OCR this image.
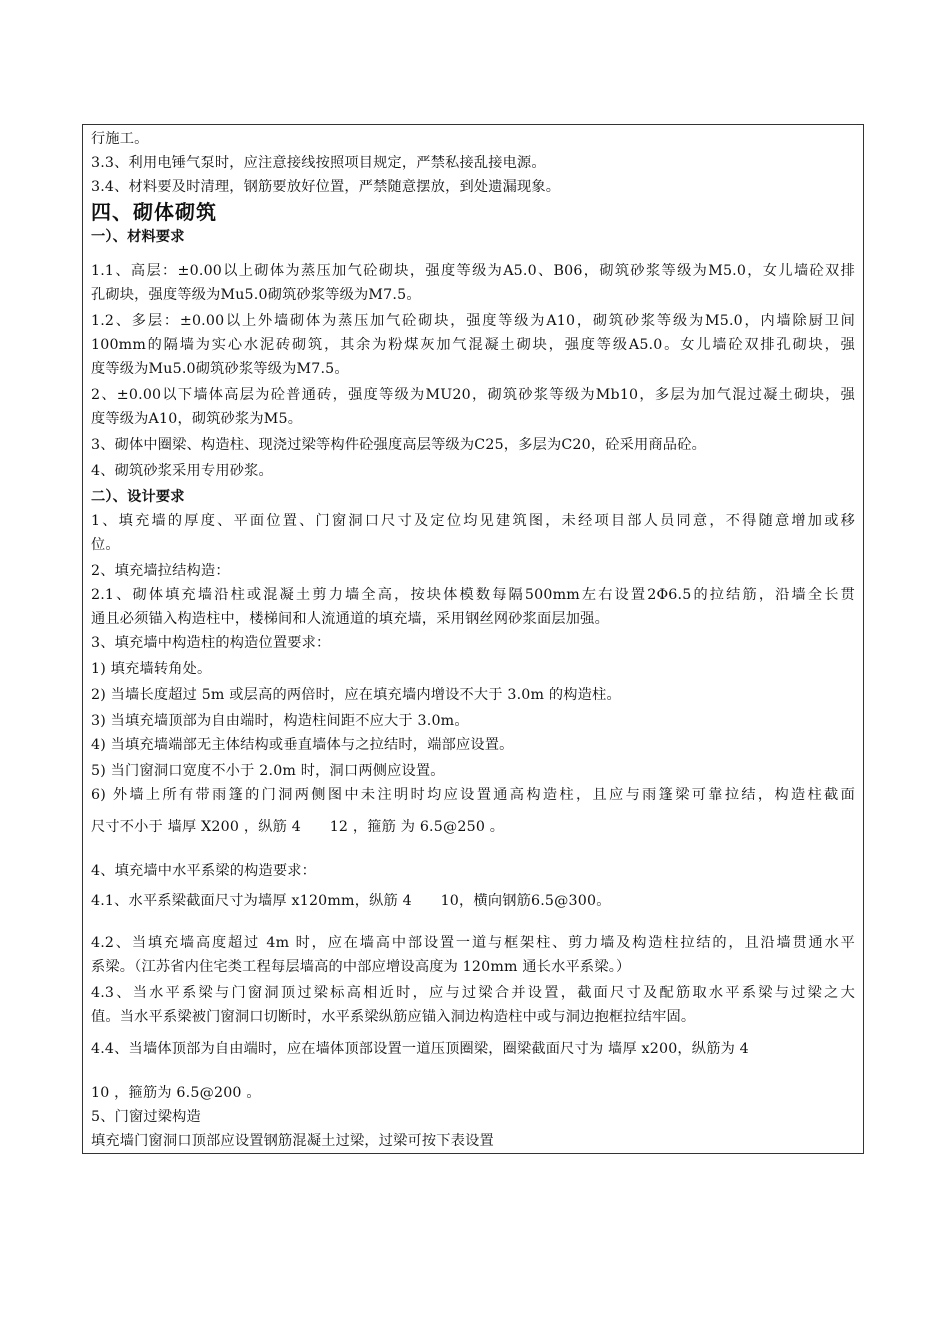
行施工。
3.3、利用电锤气泵时，应注意接线按照项目规定，严禁私接乱接电源。
3.4、材料要及时清理，钢筋要放好位置，严禁随意摆放，到处遗漏现象。
四、砌体砌筑
一）、材料要求
1.1、高层：±0.00以上砌体为蒸压加气砼砌块，强度等级为A5.0、B06，砌筑砂浆等级为M5.0，女儿墙砼双排
孔砌块，强度等级为Mu5.0砌筑砂浆等级为M7.5。
1.2、多层：±0.00以上外墙砌体为蒸压加气砼砌块，强度等级为A10，砌筑砂浆等级为M5.0，内墙除厨卫间
100mm的隔墙为实心水泥砖砌筑，其余为粉煤灰加气混凝土砌块，强度等级A5.0。女儿墙砼双排孔砌块，强
度等级为Mu5.0砌筑砂浆等级为M7.5。
2、±0.00以下墙体高层为砼普通砖，强度等级为MU20，砌筑砂浆等级为Mb10，多层为加气混过凝土砌块，强
度等级为A10，砌筑砂浆为M5。
3、砌体中圈梁、构造柱、现浇过梁等构件砼强度高层等级为C25，多层为C20，砼采用商品砼。
4、砌筑砂浆采用专用砂浆。
二）、设计要求
1、填充墙的厚度、平面位置、门窗洞口尺寸及定位均见建筑图，未经项目部人员同意，不得随意增加或移
位。
2、填充墙拉结构造：
2.1、砌体填充墙沿柱或混凝土剪力墙全高，按块体模数每隔500mm左右设置2Φ6.5的拉结筋，沿墙全长贯
通且必须锚入构造柱中，楼梯间和人流通道的填充墙，采用钢丝网砂浆面层加强。
3、填充墙中构造柱的构造位置要求：
1) 填充墙转角处。
2) 当墙长度超过 5m 或层高的两倍时，应在填充墙内增设不大于 3.0m 的构造柱。
3) 当填充墙顶部为自由端时，构造柱间距不应大于 3.0m。
4) 当填充墙端部无主体结构或垂直墙体与之拉结时，端部应设置。
5) 当门窗洞口宽度不小于 2.0m 时，洞口两侧应设置。
6) 外墙上所有带雨篷的门洞两侧图中未注明时均应设置通高构造柱，且应与雨篷梁可靠拉结，构造柱截面
尺寸不小于 墙厚 X200 ，纵筋 4　　12 ，箍筋 为 6.5@250 。
4、填充墙中水平系梁的构造要求：
4.1、水平系梁截面尺寸为墙厚 x120mm，纵筋 4　　10，横向钢筋6.5@300。
4.2、当填充墙高度超过 4m 时，应在墙高中部设置一道与框架柱、剪力墙及构造柱拉结的，且沿墙贯通水平
系梁。（江苏省内住宅类工程每层墙高的中部应增设高度为 120mm 通长水平系梁。）
4.3、当水平系梁与门窗洞顶过梁标高相近时，应与过梁合并设置，截面尺寸及配筋取水平系梁与过梁之大
值。当水平系梁被门窗洞口切断时，水平系梁纵筋应锚入洞边构造柱中或与洞边抱框拉结牢固。
4.4、当墙体顶部为自由端时，应在墙体顶部设置一道压顶圈梁，圈梁截面尺寸为 墙厚 x200，纵筋为 4
10 ，箍筋为 6.5@200 。
5、门窗过梁构造
填充墙门窗洞口顶部应设置钢筋混凝土过梁，过梁可按下表设置
